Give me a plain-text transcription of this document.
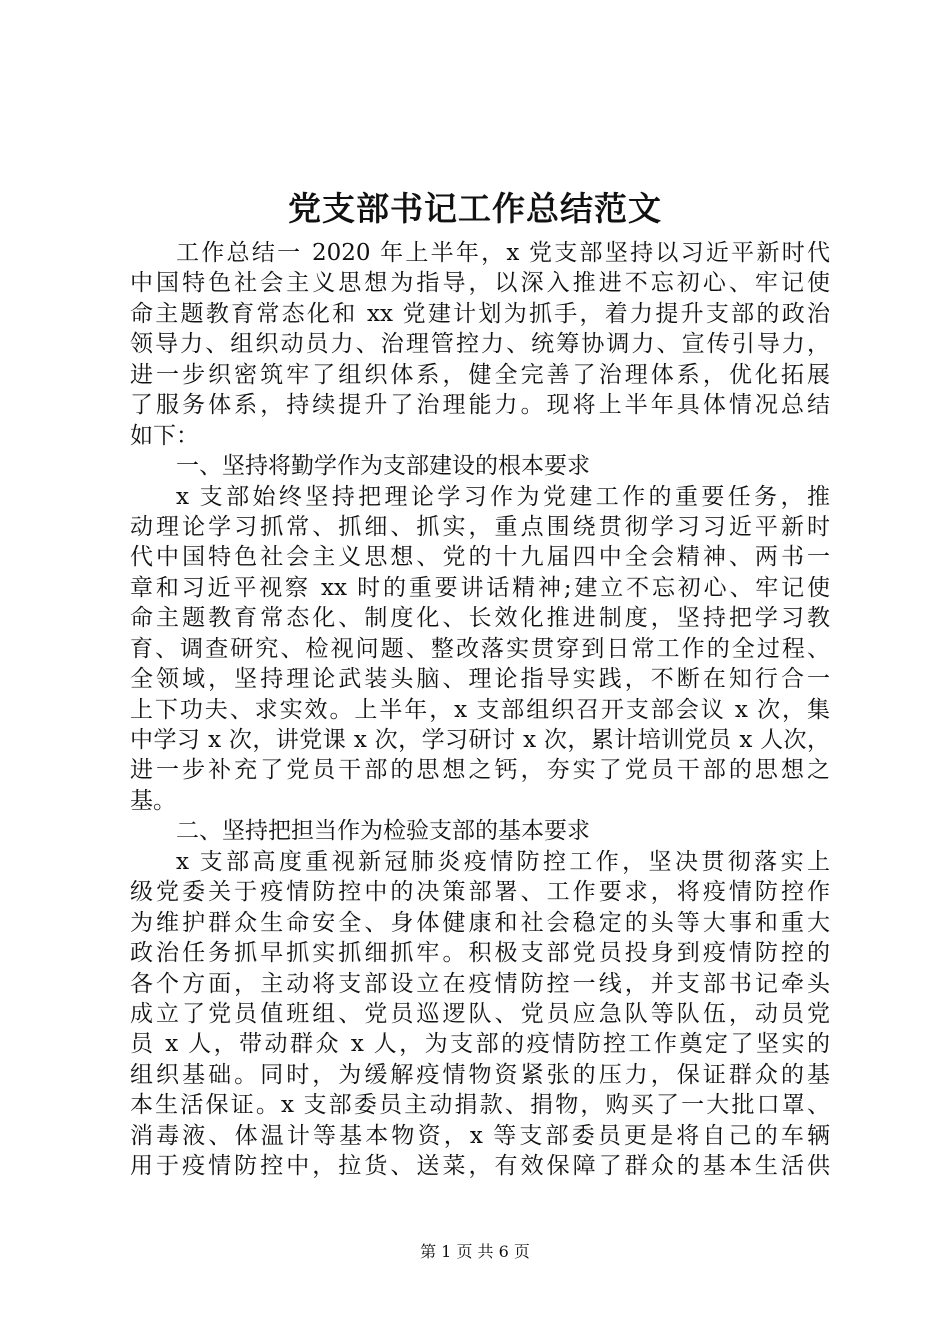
党支部书记工作总结范文
工作总结一 2020 年上半年，x 党支部坚持以习近平新时代
中国特色社会主义思想为指导，以深入推进不忘初心、牢记使
命主题教育常态化和 xx 党建计划为抓手，着力提升支部的政治
领导力、组织动员力、治理管控力、统筹协调力、宣传引导力，
进一步织密筑牢了组织体系，健全完善了治理体系，优化拓展
了服务体系，持续提升了治理能力。现将上半年具体情况总结
如下：
一、坚持将勤学作为支部建设的根本要求
x 支部始终坚持把理论学习作为党建工作的重要任务，推
动理论学习抓常、抓细、抓实，重点围绕贯彻学习习近平新时
代中国特色社会主义思想、党的十九届四中全会精神、两书一
章和习近平视察 xx 时的重要讲话精神;建立不忘初心、牢记使
命主题教育常态化、制度化、长效化推进制度，坚持把学习教
育、调查研究、检视问题、整改落实贯穿到日常工作的全过程、
全领域，坚持理论武装头脑、理论指导实践，不断在知行合一
上下功夫、求实效。上半年，x 支部组织召开支部会议 x 次，集
中学习 x 次，讲党课 x 次，学习研讨 x 次，累计培训党员 x 人次，
进一步补充了党员干部的思想之钙，夯实了党员干部的思想之
基。
二、坚持把担当作为检验支部的基本要求
x 支部高度重视新冠肺炎疫情防控工作，坚决贯彻落实上
级党委关于疫情防控中的决策部署、工作要求，将疫情防控作
为维护群众生命安全、身体健康和社会稳定的头等大事和重大
政治任务抓早抓实抓细抓牢。积极支部党员投身到疫情防控的
各个方面，主动将支部设立在疫情防控一线，并支部书记牵头
成立了党员值班组、党员巡逻队、党员应急队等队伍，动员党
员 x 人，带动群众 x 人，为支部的疫情防控工作奠定了坚实的
组织基础。同时，为缓解疫情物资紧张的压力，保证群众的基
本生活保证。x 支部委员主动捐款、捐物，购买了一大批口罩、
消毒液、体温计等基本物资，x 等支部委员更是将自己的车辆
用于疫情防控中，拉货、送菜，有效保障了群众的基本生活供
第 1 页 共 6 页
